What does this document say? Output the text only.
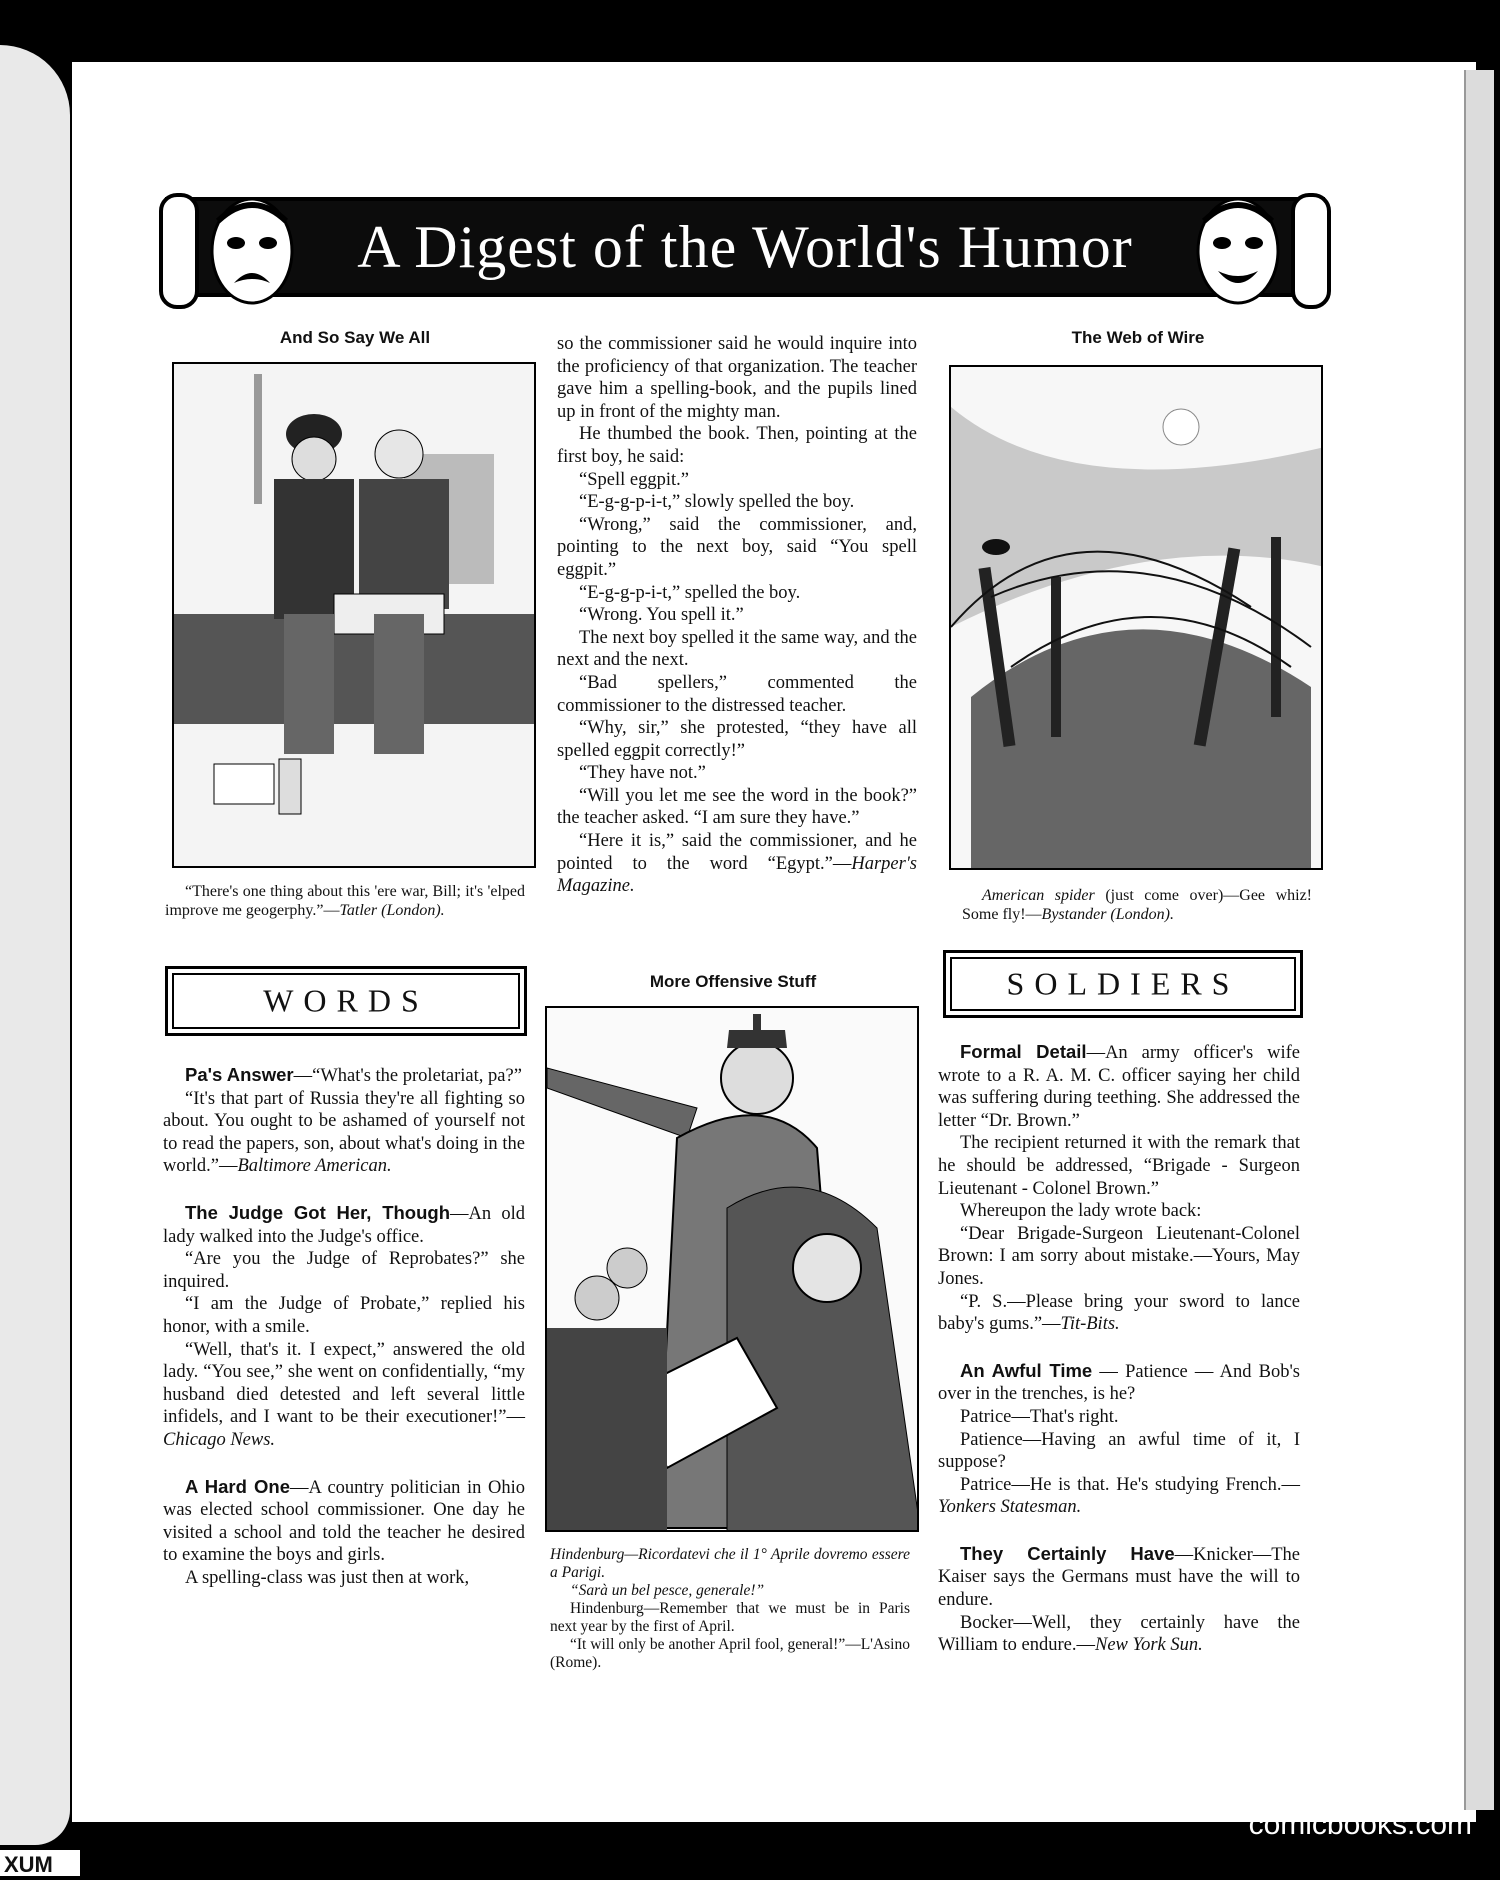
A Digest of the World's Humor
And So Say We All

“There's one thing about this 'ere war, Bill; it's 'elped improve me geogerphy.”—Tatler (London).

WORDS

Pa's Answer—“What's the proletariat, pa?”

“It's that part of Russia they're all fighting so about. You ought to be ashamed of yourself not to read the papers, son, about what's doing in the world.”—Baltimore American.

The Judge Got Her, Though—An old lady walked into the Judge's office.

“Are you the Judge of Reprobates?” she inquired.

“I am the Judge of Probate,” replied his honor, with a smile.

“Well, that's it. I expect,” answered the old lady. “You see,” she went on confidentially, “my husband died detested and left several little infidels, and I want to be their executioner!”—Chicago News.

A Hard One—A country politician in Ohio was elected school commissioner. One day he visited a school and told the teacher he desired to examine the boys and girls.

A spelling-class was just then at work,

so the commissioner said he would inquire into the proficiency of that organization. The teacher gave him a spelling-book, and the pupils lined up in front of the mighty man.

He thumbed the book. Then, pointing at the first boy, he said:

“Spell eggpit.”

“E-g-g-p-i-t,” slowly spelled the boy.

“Wrong,” said the commissioner, and, pointing to the next boy, said “You spell eggpit.”

“E-g-g-p-i-t,” spelled the boy.

“Wrong. You spell it.”

The next boy spelled it the same way, and the next and the next.

“Bad spellers,” commented the commissioner to the distressed teacher.

“Why, sir,” she protested, “they have all spelled eggpit correctly!”

“They have not.”

“Will you let me see the word in the book?” the teacher asked. “I am sure they have.”

“Here it is,” said the commissioner, and he pointed to the word “Egypt.”—Harper's Magazine.

More Offensive Stuff

Hindenburg—Ricordatevi che il 1° Aprile dovremo essere a Parigi.

“Sarà un bel pesce, generale!”

Hindenburg—Remember that we must be in Paris next year by the first of April.

“It will only be another April fool, general!”—L'Asino (Rome).

The Web of Wire

American spider (just come over)—Gee whiz! Some fly!—Bystander (London).

SOLDIERS

Formal Detail—An army officer's wife wrote to a R. A. M. C. officer saying her child was suffering during teething. She addressed the letter “Dr. Brown.”

The recipient returned it with the remark that he should be addressed, “Brigade - Surgeon Lieutenant - Colonel Brown.”

Whereupon the lady wrote back:

“Dear Brigade-Surgeon Lieutenant-Colonel Brown: I am sorry about mistake.—Yours, May Jones.

“P. S.—Please bring your sword to lance baby's gums.”—Tit-Bits.

An Awful Time — Patience — And Bob's over in the trenches, is he?

Patrice—That's right.

Patience—Having an awful time of it, I suppose?

Patrice—He is that. He's studying French.—Yonkers Statesman.

They Certainly Have—Knicker—The Kaiser says the Germans must have the will to endure.

Bocker—Well, they certainly have the William to endure.—New York Sun.

comicbooks.com
XUM
